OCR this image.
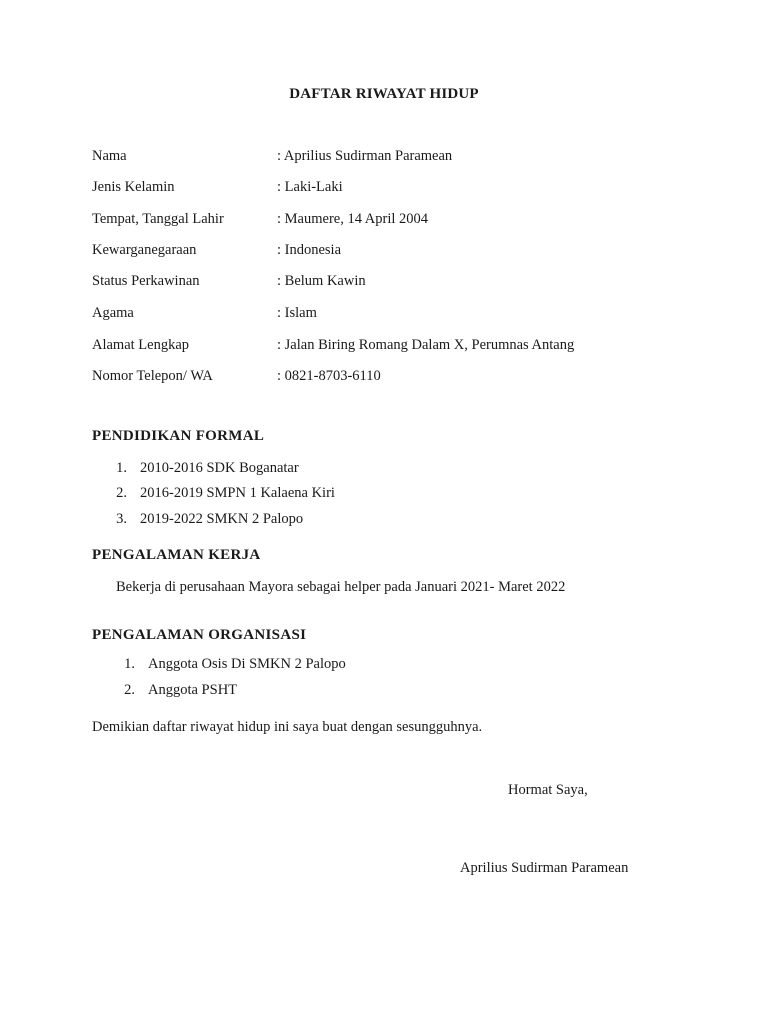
DAFTAR RIWAYAT HIDUP
Nama	: Aprilius Sudirman Paramean
Jenis Kelamin	: Laki-Laki
Tempat, Tanggal Lahir	: Maumere, 14 April 2004
Kewarganegaraan	: Indonesia
Status Perkawinan	: Belum Kawin
Agama	: Islam
Alamat Lengkap	: Jalan Biring Romang Dalam X, Perumnas Antang
Nomor Telepon/ WA	: 0821-8703-6110
PENDIDIKAN FORMAL
1. 2010-2016 SDK Boganatar
2. 2016-2019 SMPN 1 Kalaena Kiri
3. 2019-2022 SMKN 2 Palopo
PENGALAMAN KERJA
Bekerja di perusahaan Mayora sebagai helper pada Januari 2021- Maret 2022
PENGALAMAN ORGANISASI
1. Anggota Osis Di SMKN 2 Palopo
2. Anggota PSHT
Demikian daftar riwayat hidup ini saya buat dengan sesungguhnya.
Hormat Saya,
Aprilius Sudirman Paramean
